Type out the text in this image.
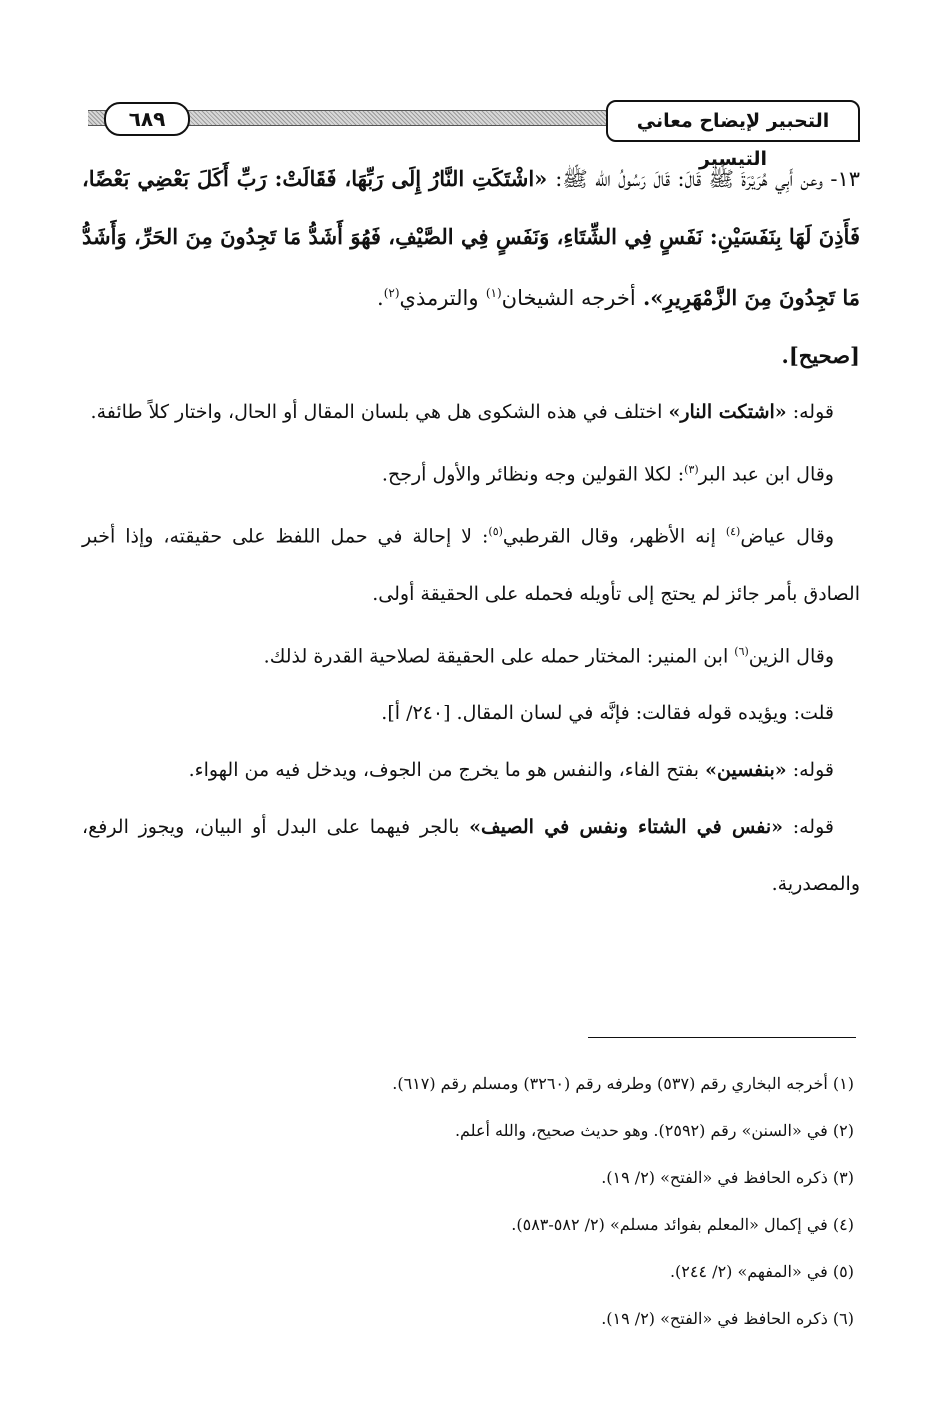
٦٨٩	التحبير لإيضاح معاني التيسير

١٣- وعن أَبِي هُرَيْرَةَ ﷺ قَالَ: قَالَ رَسُولُ الله ﷺ: «اشْتَكَتِ النَّارُ إِلَى رَبِّهَا، فَقَالَتْ: رَبِّ أَكَلَ بَعْضِي بَعْضًا، فَأَذِنَ لَهَا بِنَفَسَيْنِ: نَفَسٍ فِي الشِّتَاءِ، وَنَفَسٍ فِي الصَّيْفِ، فَهُوَ أَشَدُّ مَا تَجِدُونَ مِنَ الحَرِّ، وَأَشَدُّ مَا تَجِدُونَ مِنَ الزَّمْهَرِيرِ». أخرجه الشيخان$^{(١)}$ والترمذي$^{(٢)}$.
[صحيح].

قوله: «اشتكت النار» اختلف في هذه الشكوى هل هي بلسان المقال أو الحال، واختار كلاً طائفة.

وقال ابن عبد البر$^{(٣)}$: لكلا القولين وجه ونظائر والأول أرجح.

وقال عياض$^{(٤)}$ إنه الأظهر، وقال القرطبي$^{(٥)}$: لا إحالة في حمل اللفظ على حقيقته، وإذا أخبر الصادق بأمر جائز لم يحتج إلى تأويله فحمله على الحقيقة أولى.

وقال الزين$^{(٦)}$ ابن المنير: المختار حمله على الحقيقة لصلاحية القدرة لذلك.

قلت: ويؤيده قوله فقالت: فإنَّه في لسان المقال. [٢٤٠/ أ].

قوله: «بنفسين» بفتح الفاء، والنفس هو ما يخرج من الجوف، ويدخل فيه من الهواء.

قوله: «نفس في الشتاء ونفس في الصيف» بالجر فيهما على البدل أو البيان، ويجوز الرفع، والمصدرية.

(١) أخرجه البخاري رقم (٥٣٧) وطرفه رقم (٣٢٦٠) ومسلم رقم (٦١٧).

(٢) في «السنن» رقم (٢٥٩٢). وهو حديث صحيح، والله أعلم.

(٣) ذكره الحافظ في «الفتح» (٢/ ١٩).

(٤) في إكمال «المعلم بفوائد مسلم» (٢/ ٥٨٢-٥٨٣).

(٥) في «المفهم» (٢/ ٢٤٤).

(٦) ذكره الحافظ في «الفتح» (٢/ ١٩).
